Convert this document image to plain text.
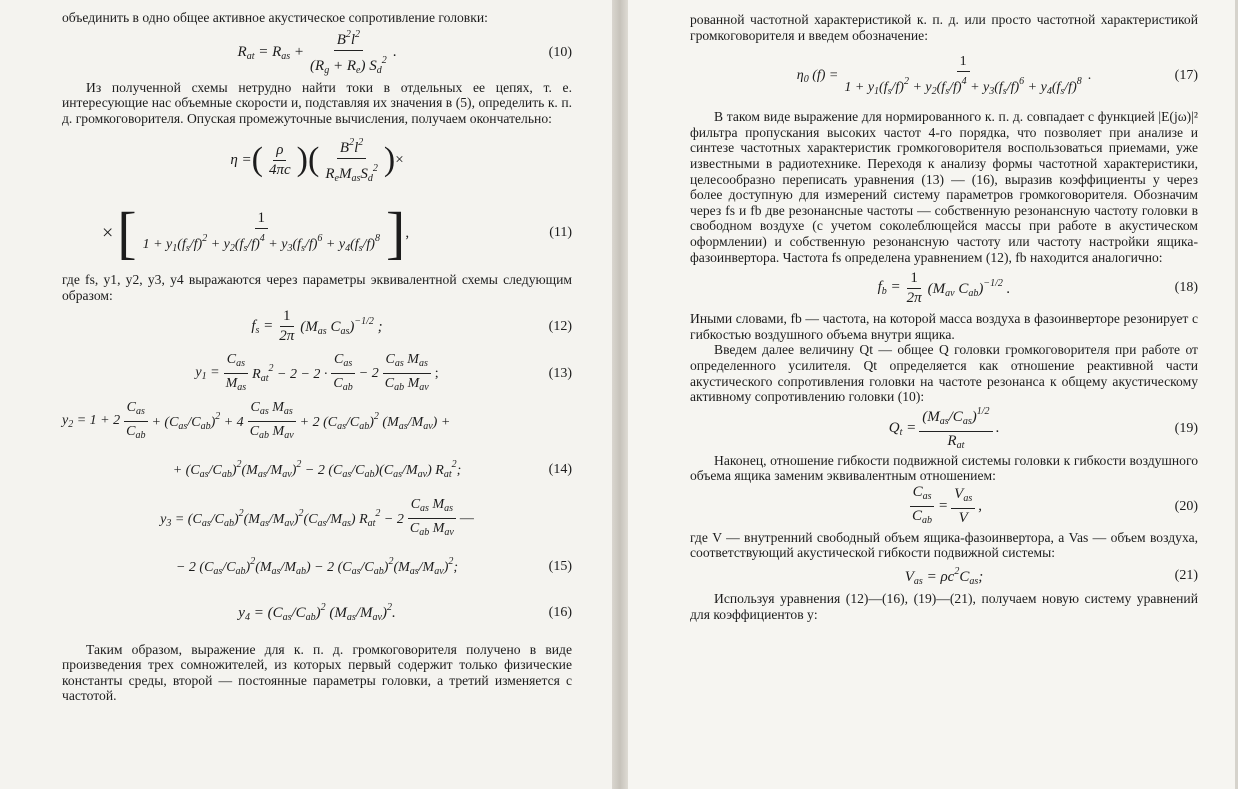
объединить в одно общее активное акустическое сопротивление головки:

$R_{at} = R_{as} + \frac{B^2l^2}{(R_g + R_e) S_d^2}$ .	(10)

Из полученной схемы нетрудно найти токи в отдельных ее цепях, т. е. интересующие нас объемные скорости и, подставляя их значения в (5), определить к. п. д. громкоговорителя. Опуская промежуточные вычисления, получаем окончательно:

η = ( ρ
4πc ) ( $B^2l^2$
$R_eM_{as}S_d^2$ ) ×
× [	1
$1 + y_1(f_s/f)^2 + y_2(f_s/f)^4 + y_3(f_s/f)^6 + y_4(f_s/f)^8$ ] ,	(11)

где fs, y1, y2, y3, y4 выражаются через параметры эквивалентной схемы следующим образом:

$f_s = \frac{1}{2\pi} (M_{as}$ $C_{as})^{-1/2}$ ;	(12)
$y_1$ =
$C_{as}$
$M_{as}$
$R_{at}^2 - 2 - 2$ ·
$C_{as}$
$C_{ab}$
− 2
$C_{as}$ $M_{as}$
$C_{ab}$ $M_{av}$
;	(13)
$y_2 = 1 + 2$
$C_{as}$
$C_{ab}$
+ $(C_{as}/C_{ab})^2 + 4$
$C_{as}$ $M_{as}$
$C_{ab}$ $M_{av}$
+ 2 $(C_{as}/C_{ab})^2$ $(M_{as}/M_{av})$ +
+ $(C_{as}/C_{ab})^2(M_{as}/M_{av})^2 - 2$ $(C_{as}/C_{ab})(C_{as}/M_{av})$ $R_{at}^2$;	(14)
$y_3 = (C_{as}/C_{ab})^2(M_{as}/M_{av})^2(C_{as}/M_{as}) R_{at}^2 - 2$
$C_{as}$ $M_{as}$
$C_{ab}$ $M_{av}$
—
− 2 $(C_{as}/C_{ab})^2(M_{as}/M_{ab}) - 2$ $(C_{as}/C_{ab})^2(M_{as}/M_{av})^2$;	(15)
$y_4 = (C_{as}/C_{ab})^2$ $(M_{as}/M_{av})^2$.	(16)

Таким образом, выражение для к. п. д. громкоговорителя получено в виде произведения трех сомножителей, из которых первый содержит только физические константы среды, второй — постоянные параметры головки, а третий изменяется с частотой.

рованной частотной характеристикой к. п. д. или просто частотной характеристикой громкоговорителя и введем обозначение:

$\eta_0$ $(f) = \frac{1}{1 + y_1(f_s/f)^2 + y_2(f_s/f)^4 + y_3(f_s/f)^6 + y_4(f_s/f)^8}$ .	(17)

В таком виде выражение для нормированного к. п. д. совпадает с функцией |E(jω)|² фильтра пропускания высоких частот 4-го порядка, что позволяет при анализе и синтезе частотных характеристик громкоговорителя воспользоваться приемами, уже известными в радиотехнике. Переходя к анализу формы частотной характеристики, целесообразно переписать уравнения (13) — (16), выразив коэффициенты y через более доступную для измерений систему параметров громкоговорителя. Обозначим через fs и fb две резонансные частоты — собственную резонансную частоту головки в свободном воздухе (с учетом соколеблющейся массы при работе в акустическом оформлении) и собственную резонансную частоту или частоту настройки ящика-фазоинвертора. Частота fs определена уравнением (12), fb находится аналогично:

$f_b = \frac{1}{2\pi} (M_{av}$ $C_{ab})^{-1/2}$ .	(18)

Иными словами, fb — частота, на которой масса воздуха в фазоинверторе резонирует с гибкостью воздушного объема внутри ящика.

Введем далее величину Qt — общее Q головки громкоговорителя при работе от определенного усилителя. Qt определяется как отношение реактивной части акустического сопротивления головки на частоте резонанса к общему акустическому активному сопротивлению головки (10):

$Q_t$ =
$(M_{as}/C_{as})^{1/2}$
$R_{at}$
.	(19)

Наконец, отношение гибкости подвижной системы головки к гибкости воздушного объема ящика заменим эквивалентным отношением:

$C_{as}$
$C_{ab}$
=
$V_{as}$
V
,	(20)

где V — внутренний свободный объем ящика-фазоинвертора, а Vas — объем воздуха, соответствующий акустической гибкости подвижной системы:

$V_{as} = \rho c^2C_{as}$;	(21)

Используя уравнения (12)—(16), (19)—(21), получаем новую систему уравнений для коэффициентов y:
